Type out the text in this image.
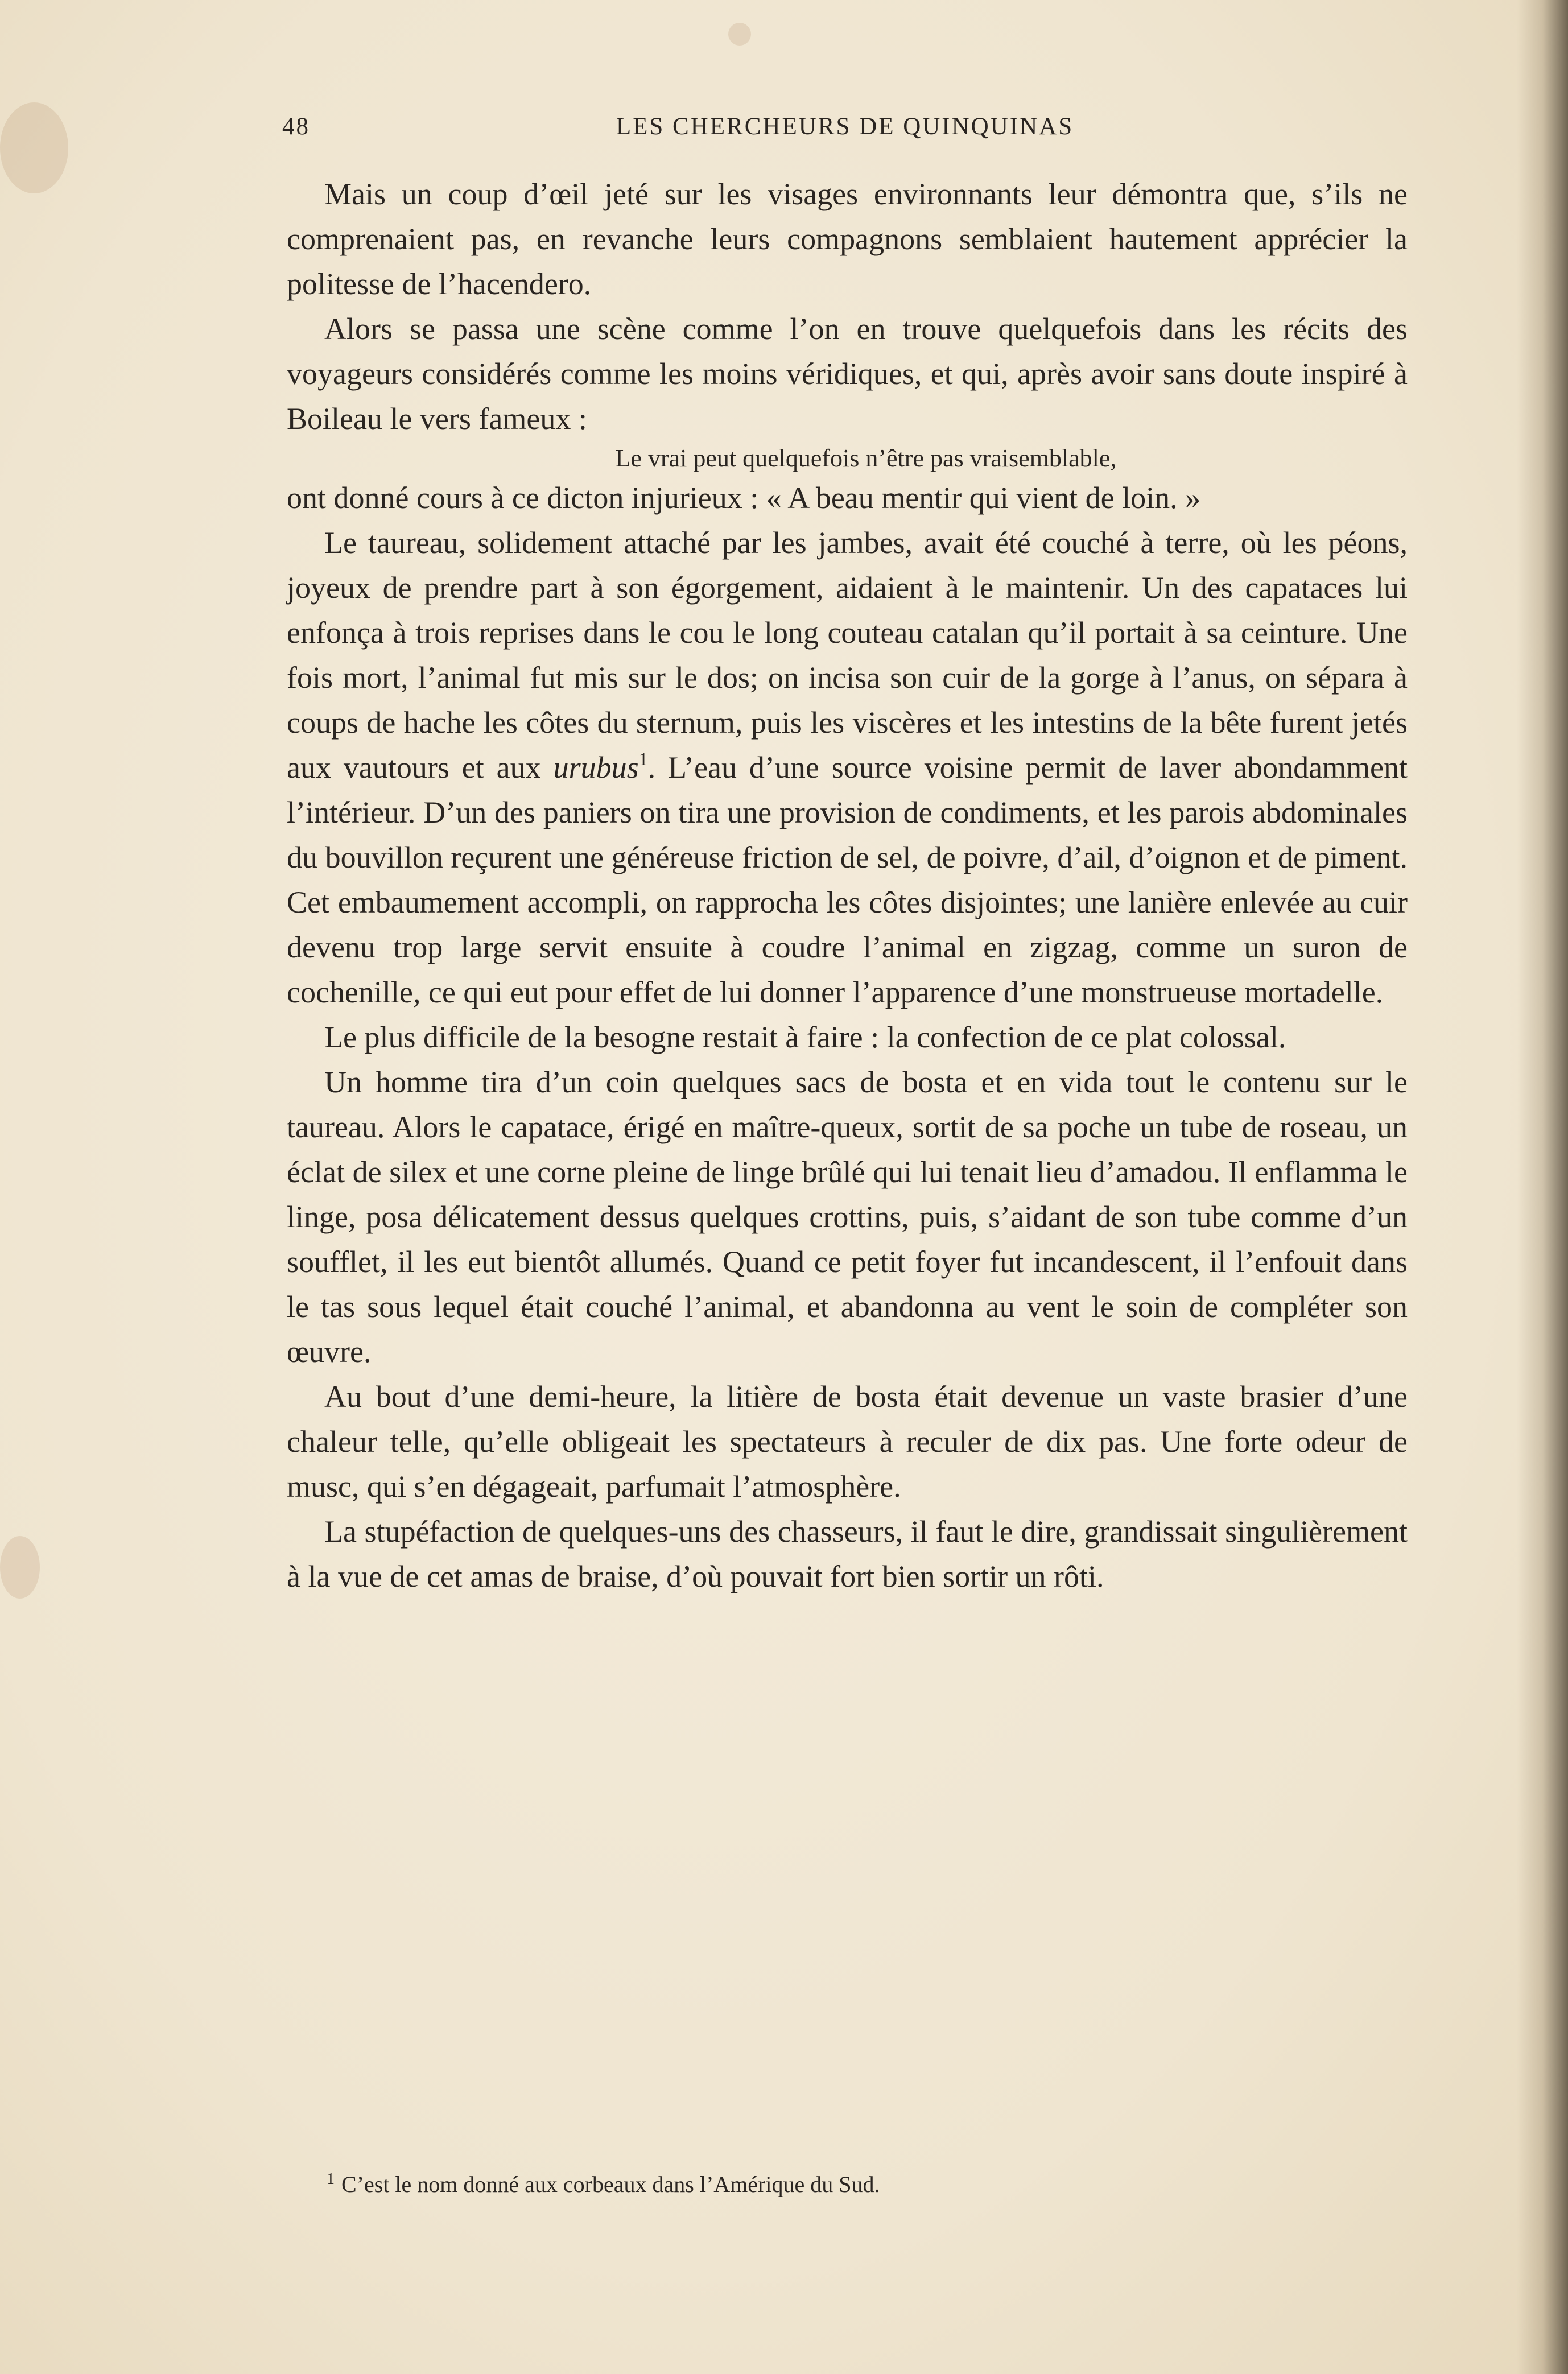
48	LES CHERCHEURS DE QUINQUINAS

Mais un coup d’œil jeté sur les visages environnants leur démontra que, s’ils ne comprenaient pas, en revanche leurs compagnons semblaient hautement apprécier la politesse de l’hacendero.

Alors se passa une scène comme l’on en trouve quelquefois dans les récits des voyageurs considérés comme les moins véridiques, et qui, après avoir sans doute inspiré à Boileau le vers fameux :

Le vrai peut quelquefois n’être pas vraisemblable,

ont donné cours à ce dicton injurieux : « A beau mentir qui vient de loin. »

Le taureau, solidement attaché par les jambes, avait été couché à terre, où les péons, joyeux de prendre part à son égorgement, aidaient à le maintenir. Un des capataces lui enfonça à trois reprises dans le cou le long couteau catalan qu’il portait à sa ceinture. Une fois mort, l’animal fut mis sur le dos; on incisa son cuir de la gorge à l’anus, on sépara à coups de hache les côtes du sternum, puis les viscères et les intestins de la bête furent jetés aux vautours et aux urubus$^1$. L’eau d’une source voisine permit de laver abondamment l’intérieur. D’un des paniers on tira une provision de condiments, et les parois abdominales du bouvillon reçurent une généreuse friction de sel, de poivre, d’ail, d’oignon et de piment. Cet embaumement accompli, on rapprocha les côtes disjointes; une lanière enlevée au cuir devenu trop large servit ensuite à coudre l’animal en zigzag, comme un suron de cochenille, ce qui eut pour effet de lui donner l’apparence d’une monstrueuse mortadelle.

Le plus difficile de la besogne restait à faire : la confection de ce plat colossal.

Un homme tira d’un coin quelques sacs de bosta et en vida tout le contenu sur le taureau. Alors le capatace, érigé en maître-queux, sortit de sa poche un tube de roseau, un éclat de silex et une corne pleine de linge brûlé qui lui tenait lieu d’amadou. Il enflamma le linge, posa délicatement dessus quelques crottins, puis, s’aidant de son tube comme d’un soufflet, il les eut bientôt allumés. Quand ce petit foyer fut incandescent, il l’enfouit dans le tas sous lequel était couché l’animal, et abandonna au vent le soin de compléter son œuvre.

Au bout d’une demi-heure, la litière de bosta était devenue un vaste brasier d’une chaleur telle, qu’elle obligeait les spectateurs à reculer de dix pas. Une forte odeur de musc, qui s’en dégageait, parfumait l’atmosphère.

La stupéfaction de quelques-uns des chasseurs, il faut le dire, grandissait singulièrement à la vue de cet amas de braise, d’où pouvait fort bien sortir un rôti.

$^1$ C’est le nom donné aux corbeaux dans l’Amérique du Sud.
